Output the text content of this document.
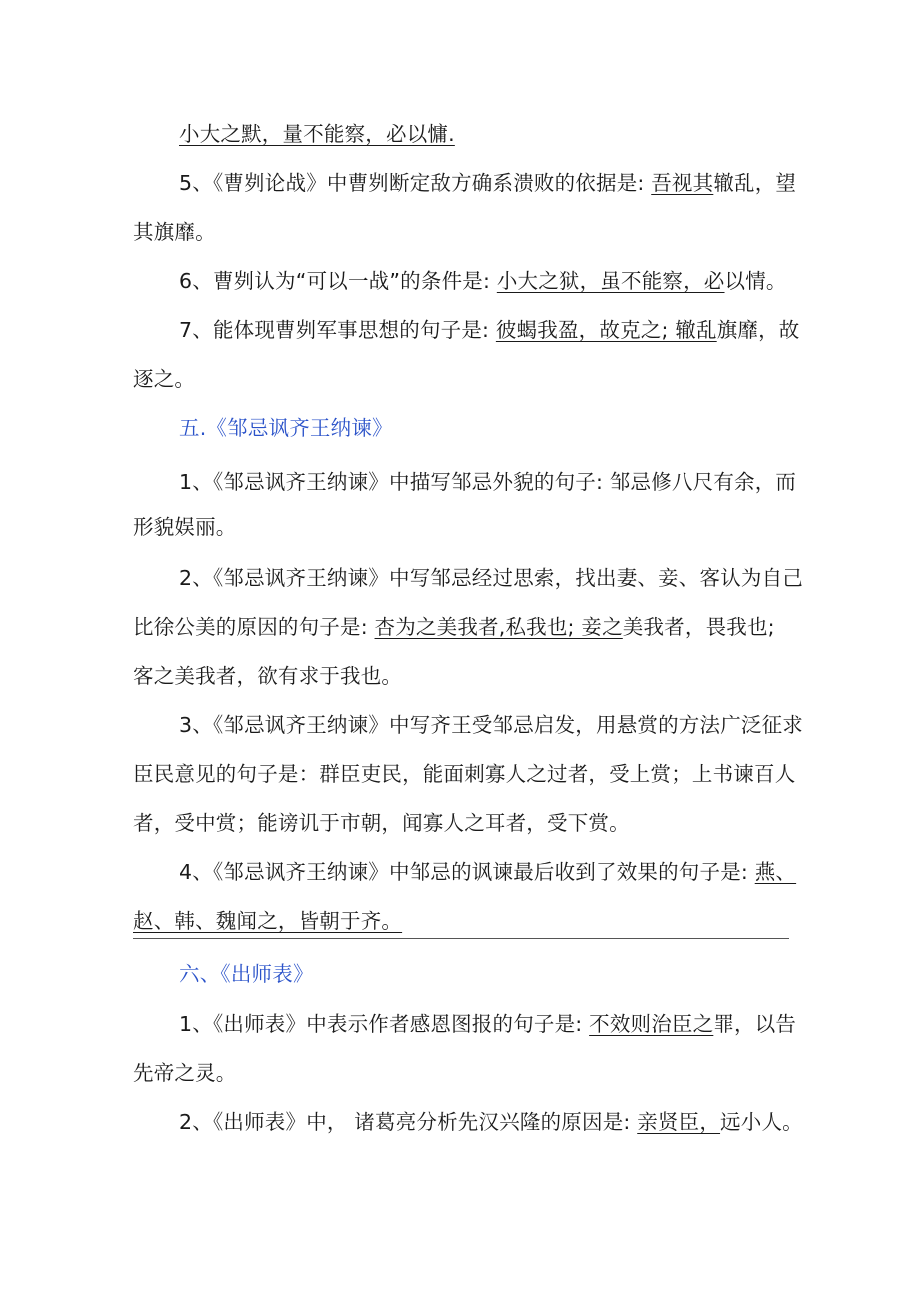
小大之默，量不能察，必以慵.
5、《曹刿论战》中曹刿断定敌方确系溃败的依据是: 吾视其辙乱，望
其旗靡。
6、曹刿认为“可以一战”的条件是: 小大之狱，虽不能察，必以情。
7、能体现曹刿军事思想的句子是: 彼蝎我盈，故克之; 辙乱旗靡，故
逐之。
五.《邹忌讽齐王纳谏》
1、《邹忌讽齐王纳谏》中描写邹忌外貌的句子: 邹忌修八尺有余，而
形貌娱丽。
2、《邹忌讽齐王纳谏》中写邹忌经过思索，找出妻、妾、客认为自己
比徐公美的原因的句子是: 杏为之美我者,私我也; 妾之美我者，畏我也;
客之美我者，欲有求于我也。
3、《邹忌讽齐王纳谏》中写齐王受邹忌启发，用悬赏的方法广泛征求
臣民意见的句子是：群臣吏民，能面刺寡人之过者，受上赏；上书谏百人
者，受中赏；能谤讥于市朝，闻寡人之耳者，受下赏。
4、《邹忌讽齐王纳谏》中邹忌的讽谏最后收到了效果的句子是: 燕、
赵、韩、魏闻之，皆朝于齐。
六、《出师表》
1、《出师表》中表示作者感恩图报的句子是: 不效则治臣之罪，以告
先帝之灵。
2、《出师表》中， 诸葛亮分析先汉兴隆的原因是: 亲贤臣，远小人。
